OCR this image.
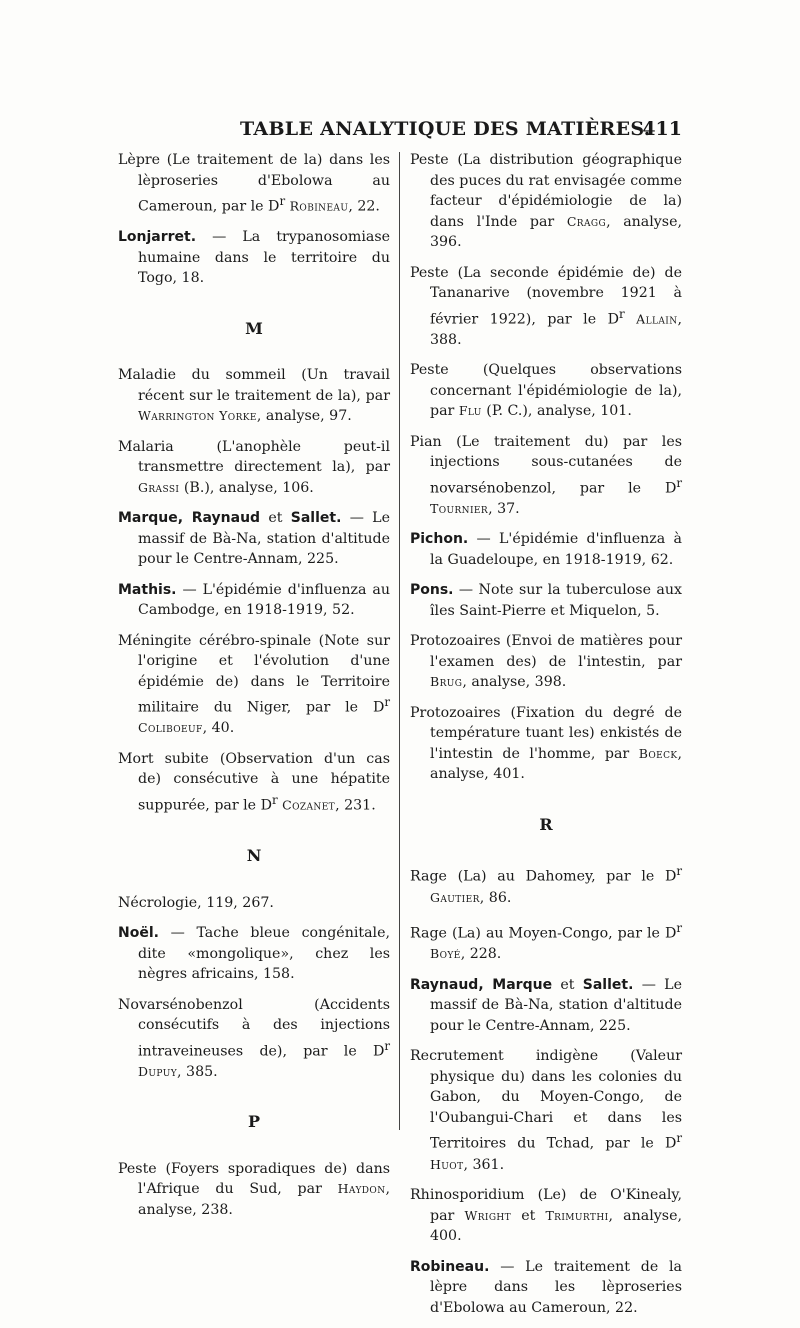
TABLE ANALYTIQUE DES MATIÈRES.
411

Lèpre (Le traitement de la) dans les lèproseries d'Ebolowa au Cameroun, par le $D^r$ Robineau, 22.

Lonjarret. — La trypanosomiase humaine dans le territoire du Togo, 18.

M

Maladie du sommeil (Un travail récent sur le traitement de la), par Warrington Yorke, analyse, 97.

Malaria (L'anophèle peut-il transmettre directement la), par Grassi (B.), analyse, 106.

Marque, Raynaud et Sallet. — Le massif de Bà-Na, station d'altitude pour le Centre-Annam, 225.

Mathis. — L'épidémie d'influenza au Cambodge, en 1918-1919, 52.

Méningite cérébro-spinale (Note sur l'origine et l'évolution d'une épidémie de) dans le Territoire militaire du Niger, par le $D^r$ Coliboeuf, 40.

Mort subite (Observation d'un cas de) consécutive à une hépatite suppurée, par le $D^r$ Cozanet, 231.

N

Nécrologie, 119, 267.

Noël. — Tache bleue congénitale, dite «mongolique», chez les nègres africains, 158.

Novarsénobenzol (Accidents consécutifs à des injections intraveineuses de), par le $D^r$ Dupuy, 385.

P

Peste (Foyers sporadiques de) dans l'Afrique du Sud, par Haydon, analyse, 238.

Peste (La distribution géographique des puces du rat envisagée comme facteur d'épidémiologie de la) dans l'Inde par Cragg, analyse, 396.

Peste (La seconde épidémie de) de Tananarive (novembre 1921 à février 1922), par le $D^r$ Allain, 388.

Peste (Quelques observations concernant l'épidémiologie de la), par Flu (P. C.), analyse, 101.

Pian (Le traitement du) par les injections sous-cutanées de novarsénobenzol, par le $D^r$ Tournier, 37.

Pichon. — L'épidémie d'influenza à la Guadeloupe, en 1918-1919, 62.

Pons. — Note sur la tuberculose aux îles Saint-Pierre et Miquelon, 5.

Protozoaires (Envoi de matières pour l'examen des) de l'intestin, par Brug, analyse, 398.

Protozoaires (Fixation du degré de température tuant les) enkistés de l'intestin de l'homme, par Boeck, analyse, 401.

R

Rage (La) au Dahomey, par le $D^r$ Gautier, 86.

Rage (La) au Moyen-Congo, par le $D^r$ Boyé, 228.

Raynaud, Marque et Sallet. — Le massif de Bà-Na, station d'altitude pour le Centre-Annam, 225.

Recrutement indigène (Valeur physique du) dans les colonies du Gabon, du Moyen-Congo, de l'Oubangui-Chari et dans les Territoires du Tchad, par le $D^r$ Huot, 361.

Rhinosporidium (Le) de O'Kinealy, par Wright et Trimurthi, analyse, 400.

Robineau. — Le traitement de la lèpre dans les lèproseries d'Ebolowa au Cameroun, 22.
